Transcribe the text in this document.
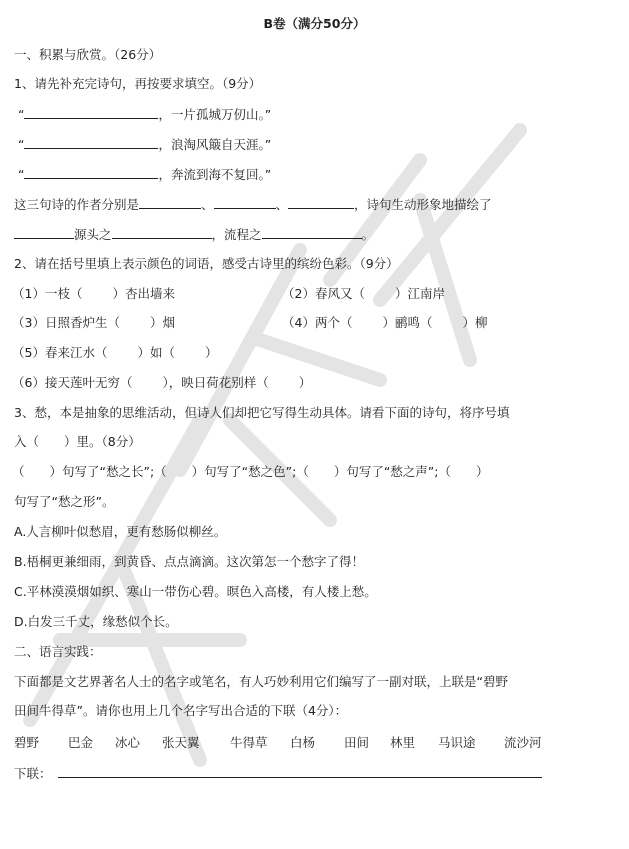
B卷（满分50分）
一、积累与欣赏。（26分）
1、请先补充完诗句，再按要求填空。（9分）
“	，一片孤城万仞山。”
“	，浪淘风簸自天涯。”
“	，奔流到海不复回。”
这三句诗的作者分别是	、	、	，诗句生动形象地描绘了
源头之	，流程之	。
2、请在括号里填上表示颜色的词语，感受古诗里的缤纷色彩。（9分）
（1）一枝（ ）杏出墙来	（2）春风又（ ）江南岸
（3）日照香炉生（ ）烟	（4）两个（ ）鹂鸣（ ）柳
（5）春来江水（ ）如（ ）
（6）接天莲叶无穷（ ），映日荷花别样（ ）
3、愁，本是抽象的思维活动，但诗人们却把它写得生动具体。请看下面的诗句，将序号填
入（　　）里。（8分）
（　　）句写了“愁之长”;（　　）句写了“愁之色”;（　　）句写了“愁之声”;（　　）
句写了“愁之形”。
A.人言柳叶似愁眉，更有愁肠似柳丝。
B.梧桐更兼细雨，到黄昏、点点滴滴。这次第怎一个愁字了得！
C.平林漠漠烟如织、寒山一带伤心碧。暝色入高楼，有人楼上愁。
D.白发三千丈，缘愁似个长。
二、语言实践：
下面都是文艺界著名人士的名字或笔名，有人巧妙利用它们编写了一副对联，上联是“碧野
田间牛得草”。请你也用上几个名字写出合适的下联（4分）：
碧野 巴金 冰心 张天翼 牛得草 白杨 田间 林里 马识途 流沙河
下联：
